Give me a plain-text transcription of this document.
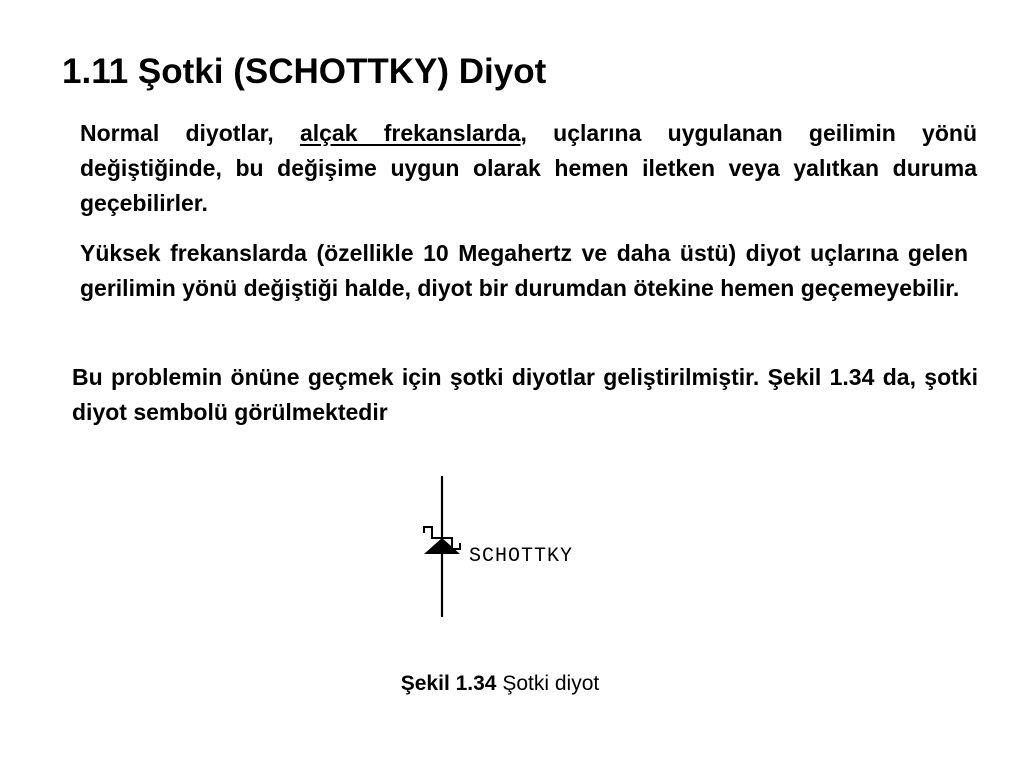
1.11 Şotki (SCHOTTKY) Diyot

Normal diyotlar, alçak frekanslarda, uçlarına uygulanan geilimin yönü değiştiğinde, bu değişime uygun olarak hemen iletken veya yalıtkan duruma geçebilirler.

Yüksek frekanslarda (özellikle 10 Megahertz ve daha üstü) diyot uçlarına gelen gerilimin yönü değiştiği halde, diyot bir durumdan ötekine hemen geçemeyebilir.

Bu problemin önüne geçmek için şotki diyotlar geliştirilmiştir. Şekil 1.34 da, şotki diyot sembolü görülmektedir

SCHOTTKY

Şekil 1.34 Şotki diyot
